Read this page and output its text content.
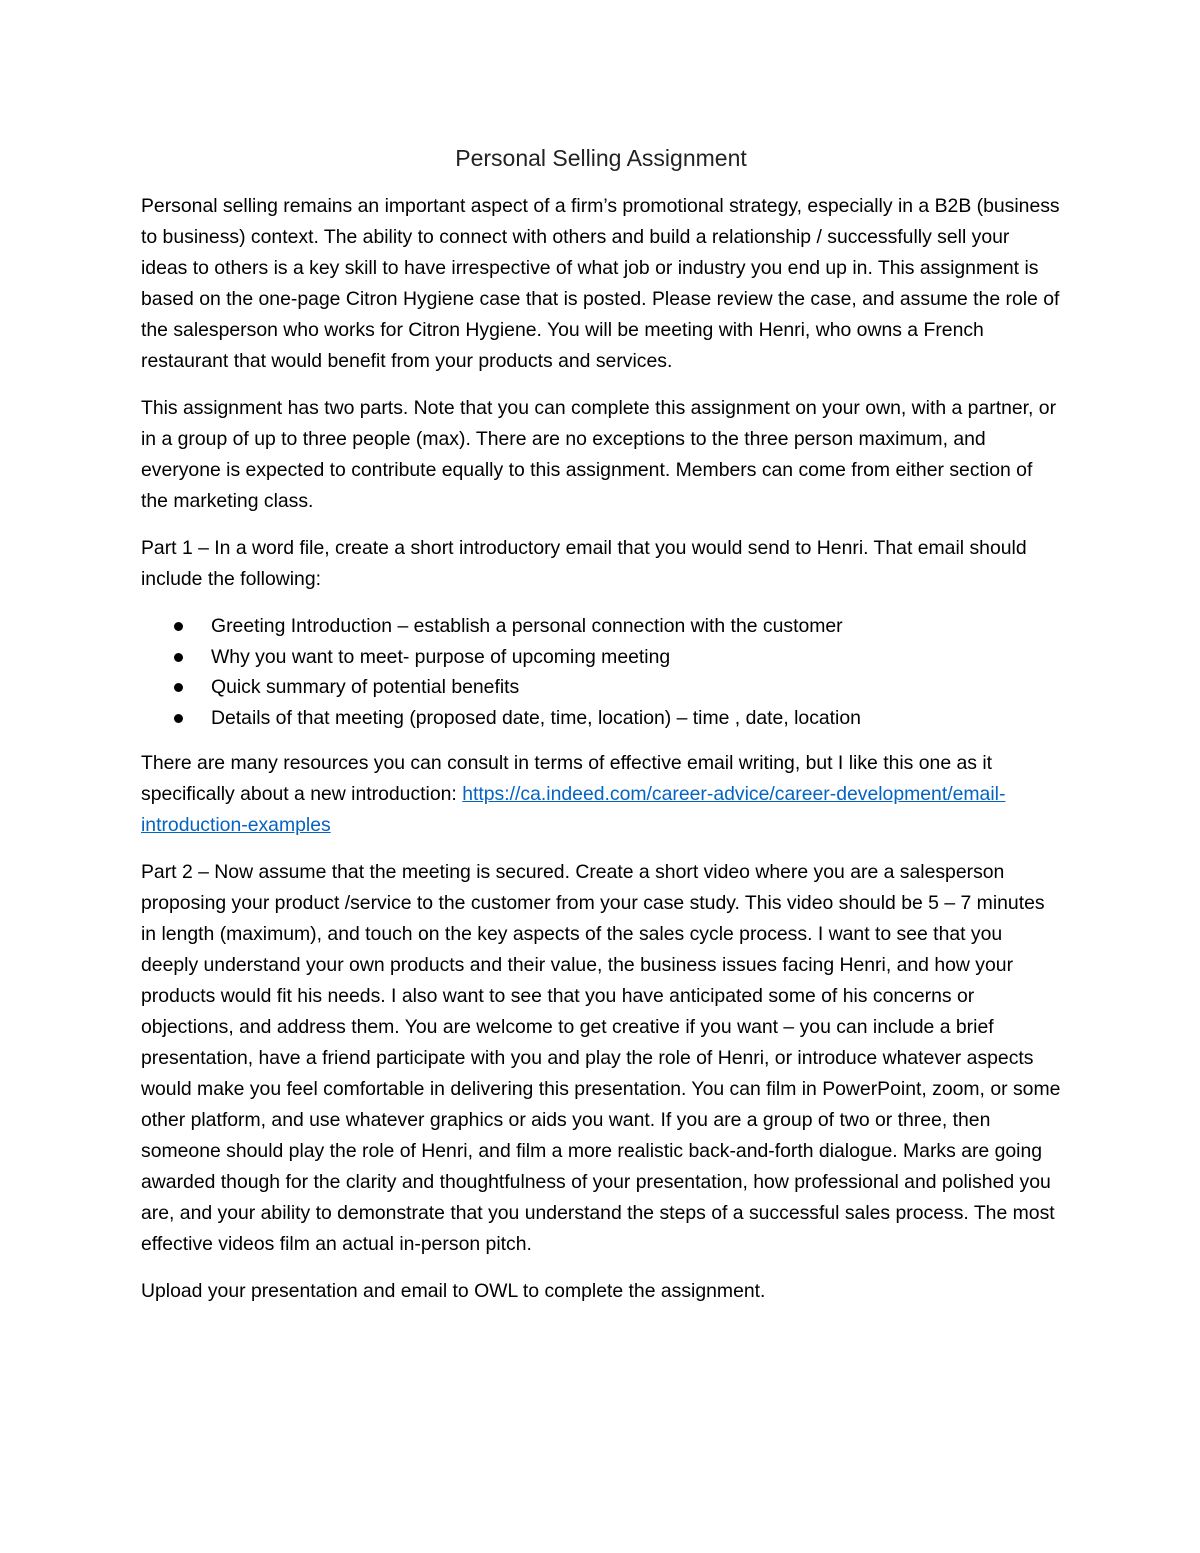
Personal Selling Assignment

Personal selling remains an important aspect of a firm’s promotional strategy, especially in a B2B (business to business) context. The ability to connect with others and build a relationship / successfully sell your ideas to others is a key skill to have irrespective of what job or industry you end up in. This assignment is based on the one-page Citron Hygiene case that is posted. Please review the case, and assume the role of the salesperson who works for Citron Hygiene. You will be meeting with Henri, who owns a French restaurant that would benefit from your products and services.

This assignment has two parts. Note that you can complete this assignment on your own, with a partner, or in a group of up to three people (max). There are no exceptions to the three person maximum, and everyone is expected to contribute equally to this assignment. Members can come from either section of the marketing class.

Part 1 – In a word file, create a short introductory email that you would send to Henri. That email should include the following:

Greeting Introduction – establish a personal connection with the customer
Why you want to meet- purpose of upcoming meeting
Quick summary of potential benefits
Details of that meeting (proposed date, time, location) – time , date, location

There are many resources you can consult in terms of effective email writing, but I like this one as it specifically about a new introduction: https://ca.indeed.com/career-advice/career-development/email-introduction-examples

Part 2 – Now assume that the meeting is secured. Create a short video where you are a salesperson proposing your product /service to the customer from your case study. This video should be 5 – 7 minutes in length (maximum), and touch on the key aspects of the sales cycle process. I want to see that you deeply understand your own products and their value, the business issues facing Henri, and how your products would fit his needs. I also want to see that you have anticipated some of his concerns or objections, and address them. You are welcome to get creative if you want – you can include a brief presentation, have a friend participate with you and play the role of Henri, or introduce whatever aspects would make you feel comfortable in delivering this presentation. You can film in PowerPoint, zoom, or some other platform, and use whatever graphics or aids you want. If you are a group of two or three, then someone should play the role of Henri, and film a more realistic back-and-forth dialogue. Marks are going awarded though for the clarity and thoughtfulness of your presentation, how professional and polished you are, and your ability to demonstrate that you understand the steps of a successful sales process. The most effective videos film an actual in-person pitch.

Upload your presentation and email to OWL to complete the assignment.
